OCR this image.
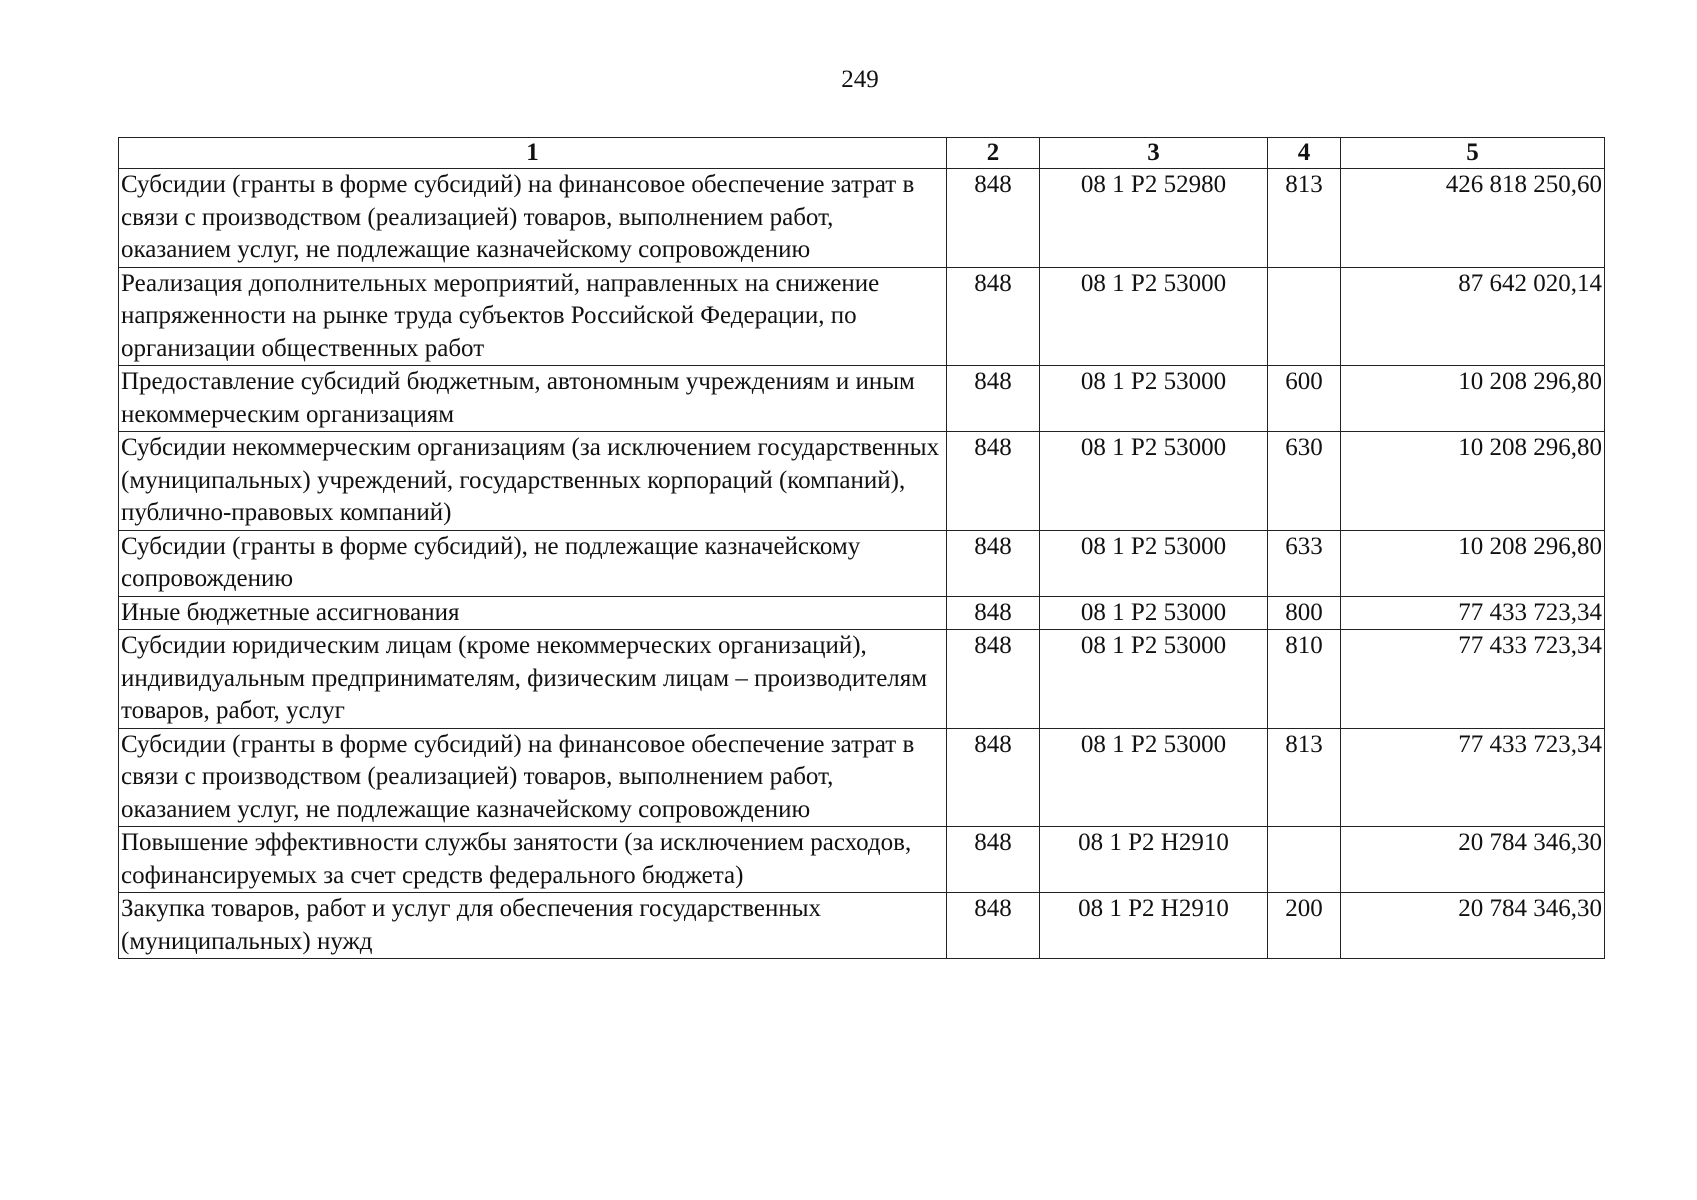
249
1	2	3	4	5
Субсидии (гранты в форме субсидий) на финансовое обеспечение затрат в связи с производством (реализацией) товаров, выполнением работ, оказанием услуг, не подлежащие казначейскому сопровождению	848	08 1 P2 52980	813	426 818 250,60
Реализация дополнительных мероприятий, направленных на снижение напряженности на рынке труда субъектов Российской Федерации, по организации общественных работ	848	08 1 P2 53000		87 642 020,14
Предоставление субсидий бюджетным, автономным учреждениям и иным некоммерческим организациям	848	08 1 P2 53000	600	10 208 296,80
Субсидии некоммерческим организациям (за исключением государственных (муниципальных) учреждений, государственных корпораций (компаний), публично-правовых компаний)	848	08 1 P2 53000	630	10 208 296,80
Субсидии (гранты в форме субсидий), не подлежащие казначейскому сопровождению	848	08 1 P2 53000	633	10 208 296,80
Иные бюджетные ассигнования	848	08 1 P2 53000	800	77 433 723,34
Субсидии юридическим лицам (кроме некоммерческих организаций), индивидуальным предпринимателям, физическим лицам – производителям товаров, работ, услуг	848	08 1 P2 53000	810	77 433 723,34
Субсидии (гранты в форме субсидий) на финансовое обеспечение затрат в связи с производством (реализацией) товаров, выполнением работ, оказанием услуг, не подлежащие казначейскому сопровождению	848	08 1 P2 53000	813	77 433 723,34
Повышение эффективности службы занятости (за исключением расходов, софинансируемых за счет средств федерального бюджета)	848	08 1 P2 H2910		20 784 346,30
Закупка товаров, работ и услуг для обеспечения государственных (муниципальных) нужд	848	08 1 P2 H2910	200	20 784 346,30
